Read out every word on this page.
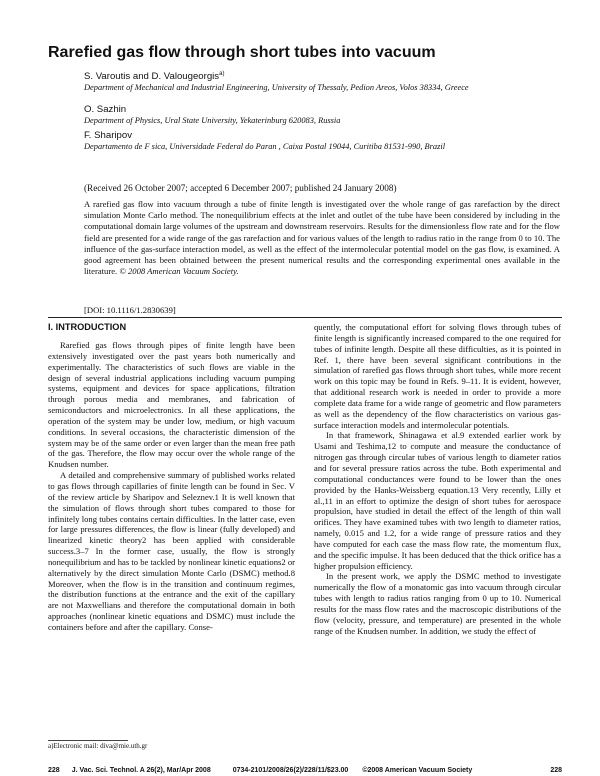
Rarefied gas flow through short tubes into vacuum
S. Varoutis and D. Valougeorgis$^{a)}$
Department of Mechanical and Industrial Engineering, University of Thessaly, Pedion Areos, Volos 38334, Greece
O. Sazhin
Department of Physics, Ural State University, Yekaterinburg 620083, Russia
F. Sharipov
Departamento de F sica, Universidade Federal do Paran , Caixa Postal 19044, Curitiba 81531-990, Brazil
(Received 26 October 2007; accepted 6 December 2007; published 24 January 2008)
A rarefied gas flow into vacuum through a tube of finite length is investigated over the whole range of gas rarefaction by the direct simulation Monte Carlo method. The nonequilibrium effects at the inlet and outlet of the tube have been considered by including in the computational domain large volumes of the upstream and downstream reservoirs. Results for the dimensionless flow rate and for the flow field are presented for a wide range of the gas rarefaction and for various values of the length to radius ratio in the range from 0 to 10. The influence of the gas-surface interaction model, as well as the effect of the intermolecular potential model on the gas flow, is examined. A good agreement has been obtained between the present numerical results and the corresponding experimental ones available in the literature. © 2008 American Vacuum Society.
[DOI: 10.1116/1.2830639]
I. INTRODUCTION

Rarefied gas flows through pipes of finite length have been extensively investigated over the past years both numerically and experimentally. The characteristics of such flows are viable in the design of several industrial applications including vacuum pumping systems, equipment and devices for space applications, filtration through porous media and membranes, and fabrication of semiconductors and microelectronics. In all these applications, the operation of the system may be under low, medium, or high vacuum conditions. In several occasions, the characteristic dimension of the system may be of the same order or even larger than the mean free path of the gas. Therefore, the flow may occur over the whole range of the Knudsen number.

A detailed and comprehensive summary of published works related to gas flows through capillaries of finite length can be found in Sec. V of the review article by Sharipov and Seleznev.1 It is well known that the simulation of flows through short tubes compared to those for infinitely long tubes contains certain difficulties. In the latter case, even for large pressures differences, the flow is linear (fully developed) and linearized kinetic theory2 has been applied with considerable success.3–7 In the former case, usually, the flow is strongly nonequilibrium and has to be tackled by nonlinear kinetic equations2 or alternatively by the direct simulation Monte Carlo (DSMC) method.8 Moreover, when the flow is in the transition and continuum regimes, the distribution functions at the entrance and the exit of the capillary are not Maxwellians and therefore the computational domain in both approaches (nonlinear kinetic equations and DSMC) must include the containers before and after the capillary. Conse-

quently, the computational effort for solving flows through tubes of finite length is significantly increased compared to the one required for tubes of infinite length. Despite all these difficulties, as it is pointed in Ref. 1, there have been several significant contributions in the simulation of rarefied gas flows through short tubes, while more recent work on this topic may be found in Refs. 9–11. It is evident, however, that additional research work is needed in order to provide a more complete data frame for a wide range of geometric and flow parameters as well as the dependency of the flow characteristics on various gas-surface interaction models and intermolecular potentials.

In that framework, Shinagawa et al.9 extended earlier work by Usami and Teshima,12 to compute and measure the conductance of nitrogen gas through circular tubes of various length to diameter ratios and for several pressure ratios across the tube. Both experimental and computational conductances were found to be lower than the ones provided by the Hanks-Weissberg equation.13 Very recently, Lilly et al.,11 in an effort to optimize the design of short tubes for aerospace propulsion, have studied in detail the effect of the length of thin wall orifices. They have examined tubes with two length to diameter ratios, namely, 0.015 and 1.2, for a wide range of pressure ratios and they have computed for each case the mass flow rate, the momentum flux, and the specific impulse. It has been deduced that the thick orifice has a higher propulsion efficiency.

In the present work, we apply the DSMC method to investigate numerically the flow of a monatomic gas into vacuum through circular tubes with length to radius ratios ranging from 0 up to 10. Numerical results for the mass flow rates and the macroscopic distributions of the flow (velocity, pressure, and temperature) are presented in the whole range of the Knudsen number. In addition, we study the effect of

a)Electronic mail: diva@mie.uth.gr
228 J. Vac. Sci. Technol. A 26(2), Mar/Apr 2008	0734-2101/2008/26(2)/228/11/$23.00 ©2008 American Vacuum Society	228
